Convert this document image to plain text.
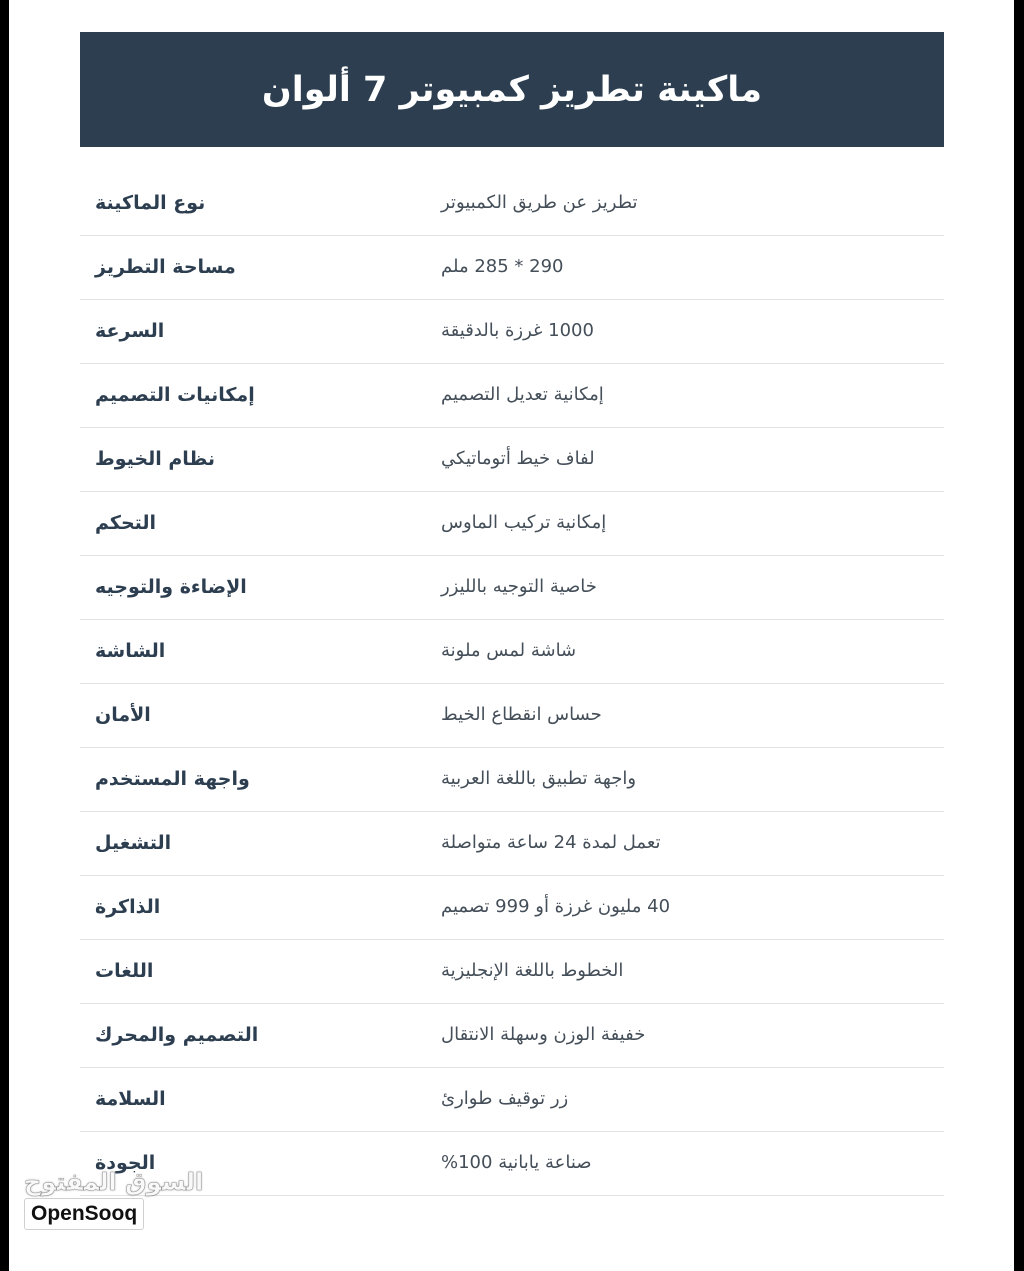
ماكينة تطريز كمبيوتر 7 ألوان
نوع الماكينة	تطريز عن طريق الكمبيوتر
مساحة التطريز	290 * 285 ملم
السرعة	1000 غرزة بالدقيقة
إمكانيات التصميم	إمكانية تعديل التصميم
نظام الخيوط	لفاف خيط أتوماتيكي
التحكم	إمكانية تركيب الماوس
الإضاءة والتوجيه	خاصية التوجيه بالليزر
الشاشة	شاشة لمس ملونة
الأمان	حساس انقطاع الخيط
واجهة المستخدم	واجهة تطبيق باللغة العربية
التشغيل	تعمل لمدة 24 ساعة متواصلة
الذاكرة	40 مليون غرزة أو 999 تصميم
اللغات	الخطوط باللغة الإنجليزية
التصميم والمحرك	خفيفة الوزن وسهلة الانتقال
السلامة	زر توقيف طوارئ
الجودة	صناعة يابانية 100%
السوق المفتوح
OpenSooq
